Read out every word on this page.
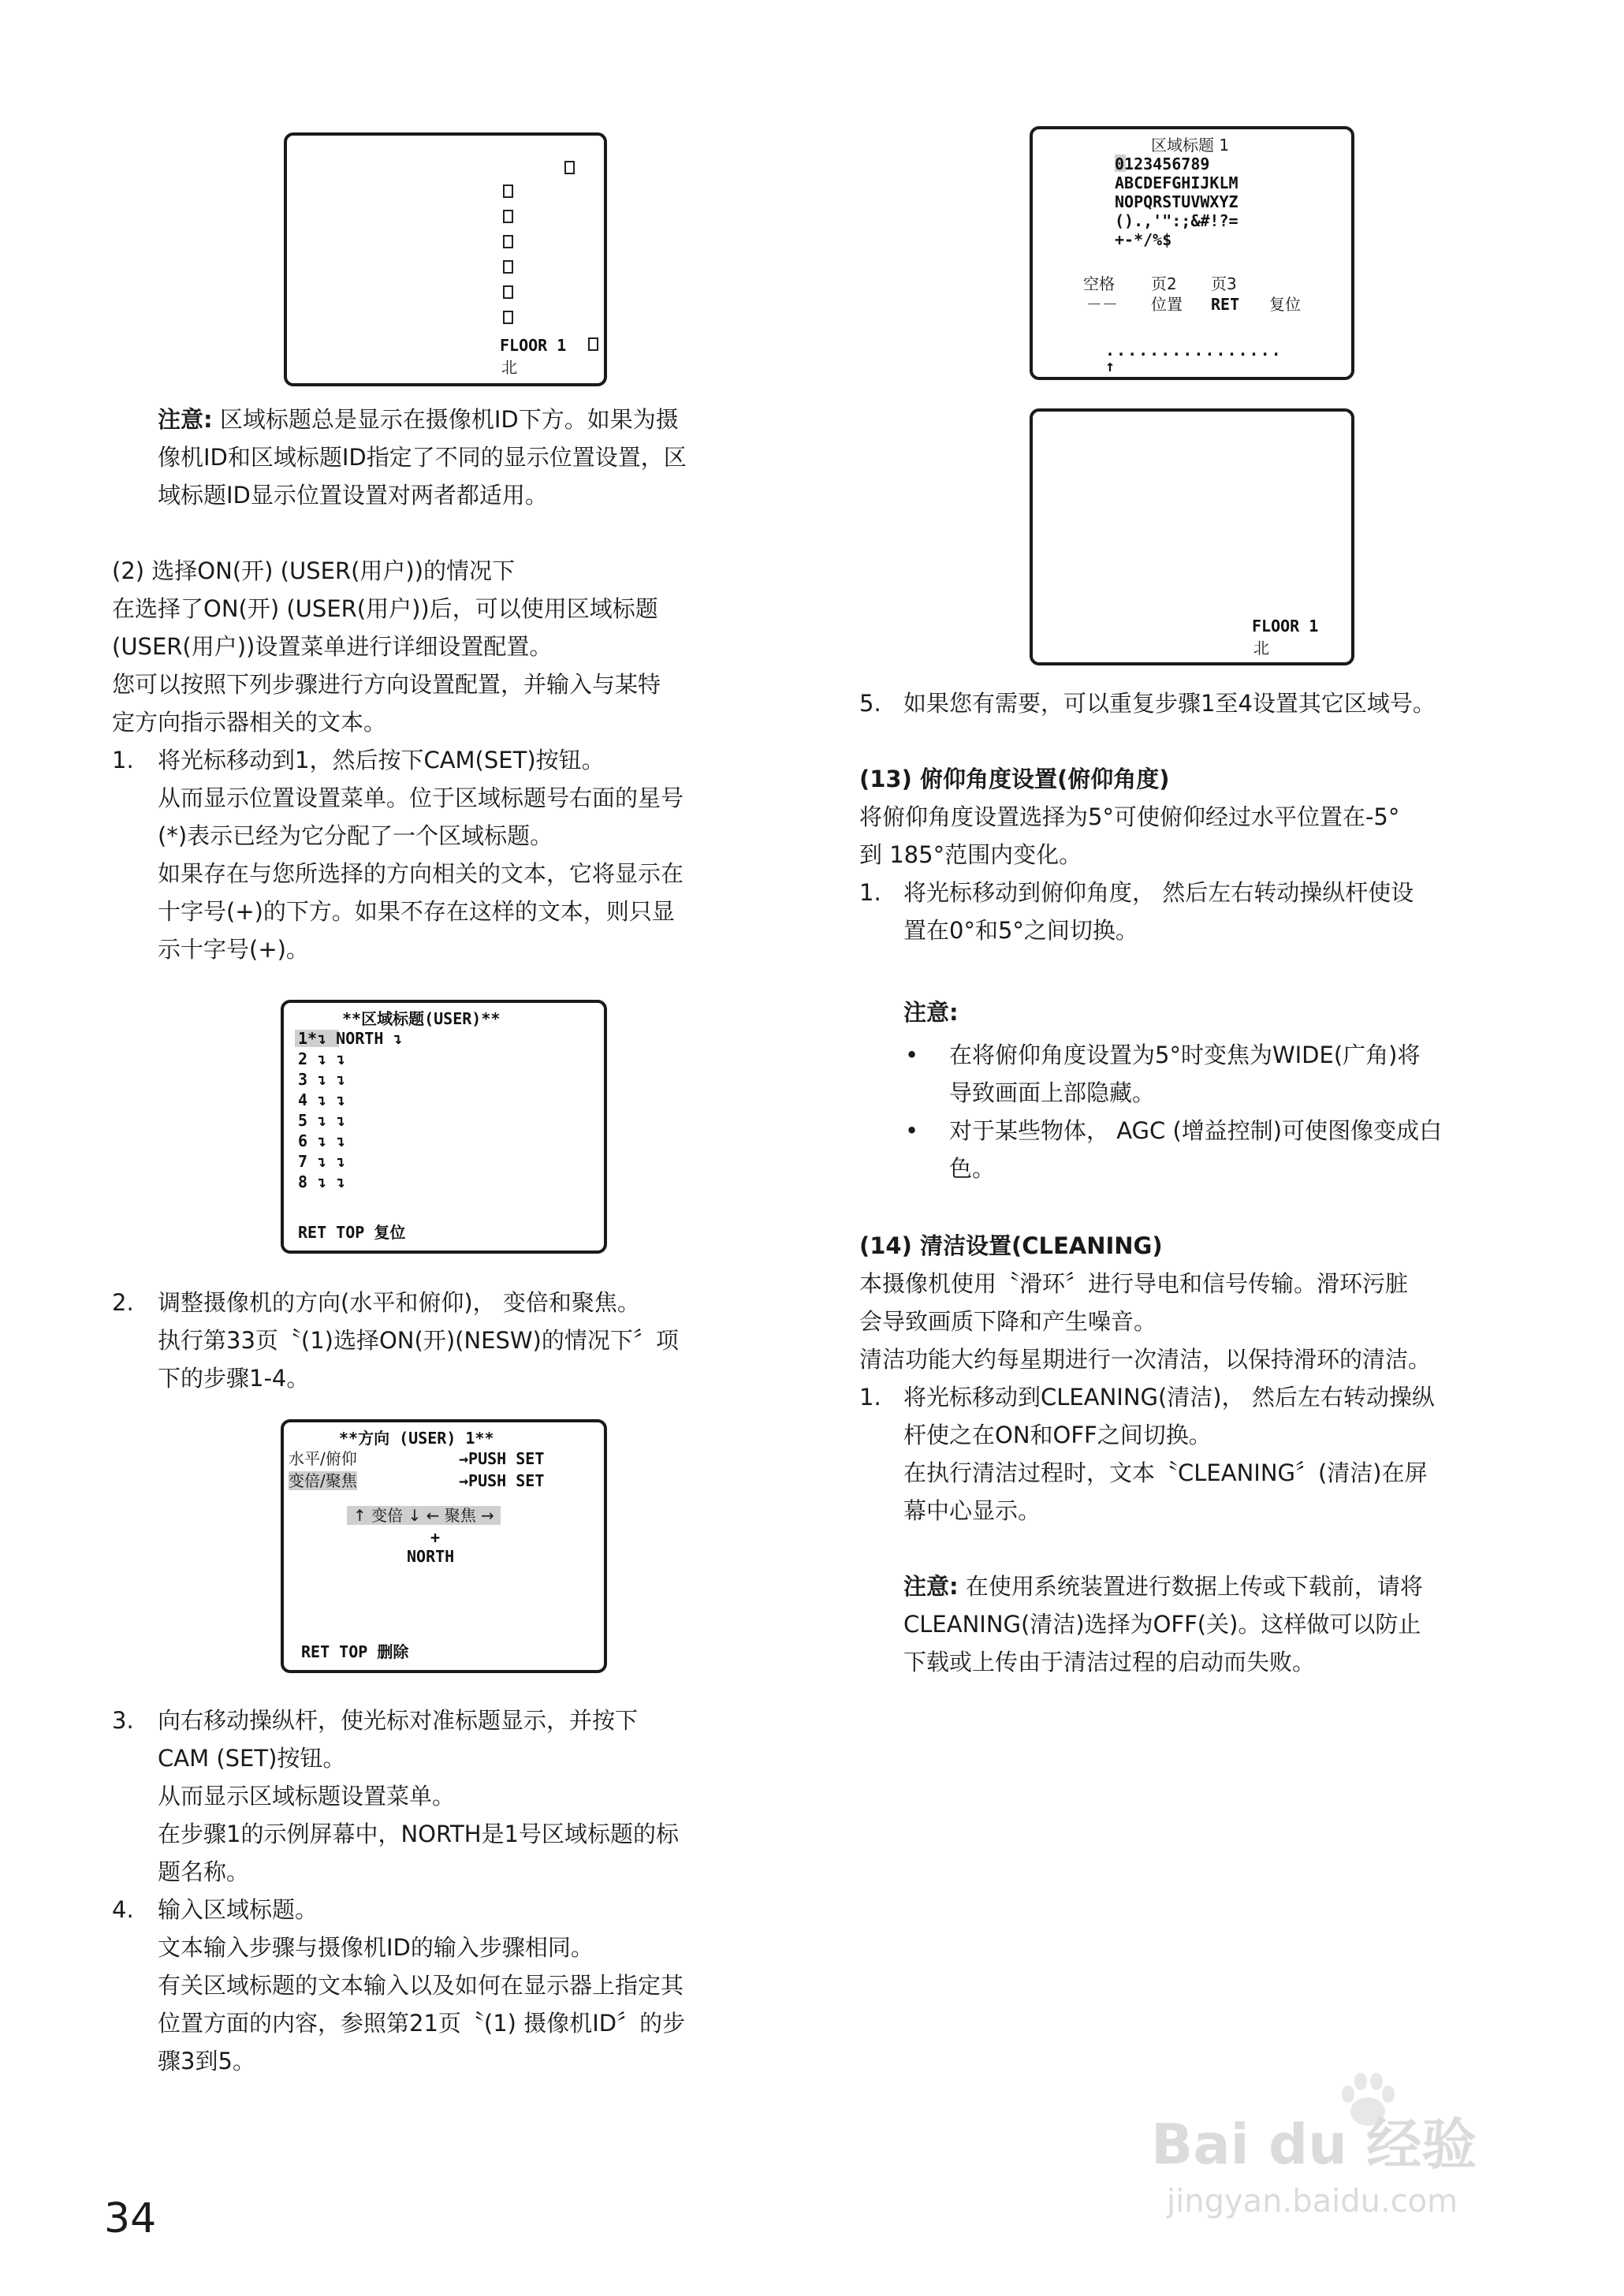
FLOOR 1
北
注意: 区域标题总是显示在摄像机ID下方。如果为摄
像机ID和区域标题ID指定了不同的显示位置设置，区
域标题ID显示位置设置对两者都适用。
(2) 选择ON(开) (USER(用户))的情况下
在选择了ON(开) (USER(用户))后，可以使用区域标题
(USER(用户))设置菜单进行详细设置配置。
您可以按照下列步骤进行方向设置配置，并输入与某特
定方向指示器相关的文本。
1. 将光标移动到1，然后按下CAM(SET)按钮。
从而显示位置设置菜单。位于区域标题号右面的星号
(*)表示已经为它分配了一个区域标题。
如果存在与您所选择的方向相关的文本，它将显示在
十字号(+)的下方。如果不存在这样的文本，则只显
示十字号(+)。
**区域标题(USER)**
1*↴ NORTH ↴
2 ↴ ↴
3 ↴ ↴
4 ↴ ↴
5 ↴ ↴
6 ↴ ↴
7 ↴ ↴
8 ↴ ↴
RET TOP 复位
2. 调整摄像机的方向(水平和俯仰)， 变倍和聚焦。
执行第33页〝(1)选择ON(开)(NESW)的情况下〞项
下的步骤1-4。
**方向 (USER) 1**
水平/俯仰	→PUSH SET
变倍/聚焦	→PUSH SET
↑ 变倍 ↓ ← 聚焦 →
+
NORTH
RET TOP 删除
3. 向右移动操纵杆，使光标对准标题显示，并按下
CAM (SET)按钮。
从而显示区域标题设置菜单。
在步骤1的示例屏幕中，NORTH是1号区域标题的标
题名称。
4. 输入区域标题。
文本输入步骤与摄像机ID的输入步骤相同。
有关区域标题的文本输入以及如何在显示器上指定其
位置方面的内容，参照第21页〝(1) 摄像机ID〞的步
骤3到5。
34
区域标题 1
0123456789
ABCDEFGHIJKLM
NOPQRSTUVWXYZ
().,'":;&#!?=
+-*/%$
空格 页2 页3
－－ 位置 RET 复位
................
↑
FLOOR 1
北
5. 如果您有需要，可以重复步骤1至4设置其它区域号。
(13) 俯仰角度设置(俯仰角度)
将俯仰角度设置选择为5°可使俯仰经过水平位置在-5°
到 185°范围内变化。
1. 将光标移动到俯仰角度， 然后左右转动操纵杆使设
置在0°和5°之间切换。
注意:
• 在将俯仰角度设置为5°时变焦为WIDE(广角)将
导致画面上部隐藏。
• 对于某些物体， AGC (增益控制)可使图像变成白
色。
(14) 清洁设置(CLEANING)
本摄像机使用〝滑环〞进行导电和信号传输。滑环污脏
会导致画质下降和产生噪音。
清洁功能大约每星期进行一次清洁，以保持滑环的清洁。
1. 将光标移动到CLEANING(清洁)， 然后左右转动操纵
杆使之在ON和OFF之间切换。
在执行清洁过程时，文本〝CLEANING〞(清洁)在屏
幕中心显示。
注意: 在使用系统装置进行数据上传或下载前，请将
CLEANING(清洁)选择为OFF(关)。这样做可以防止
下载或上传由于清洁过程的启动而失败。
Bai du 经验
jingyan.baidu.com
